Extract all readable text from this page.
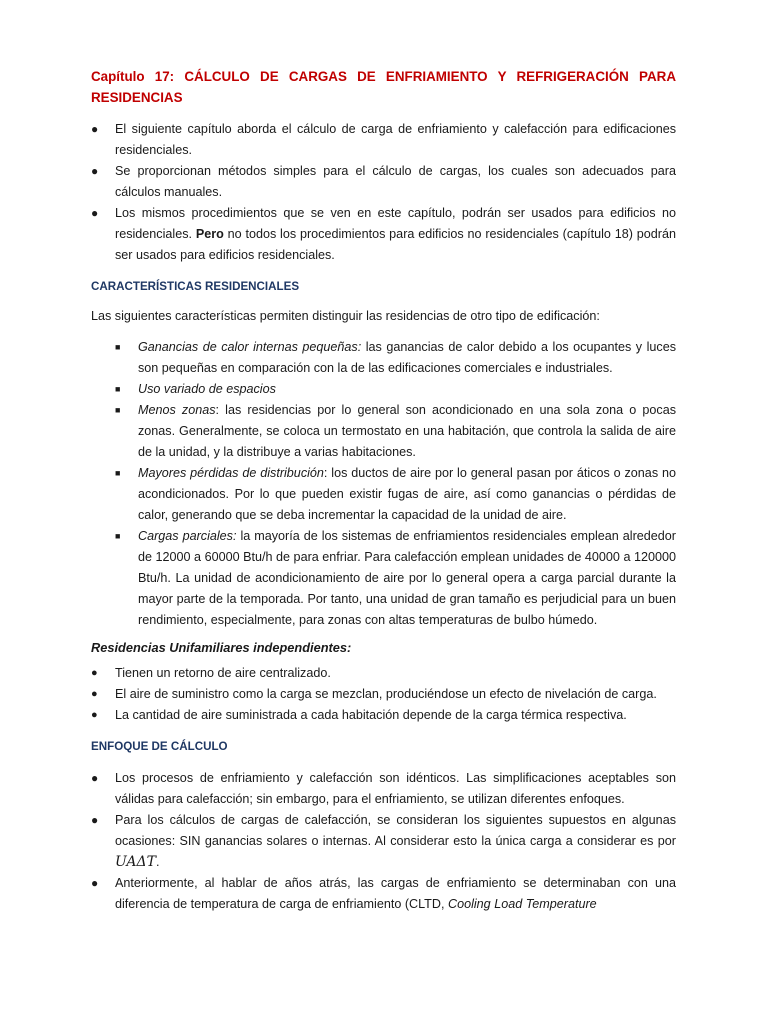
Capítulo 17: CÁLCULO DE CARGAS DE ENFRIAMIENTO Y REFRIGERACIÓN PARA
RESIDENCIAS
● El siguiente capítulo aborda el cálculo de carga de enfriamiento y calefacción para edificaciones residenciales.
● Se proporcionan métodos simples para el cálculo de cargas, los cuales son adecuados para cálculos manuales.
● Los mismos procedimientos que se ven en este capítulo, podrán ser usados para edificios no residenciales. Pero no todos los procedimientos para edificios no residenciales (capítulo 18) podrán ser usados para edificios residenciales.
CARACTERÍSTICAS RESIDENCIALES

Las siguientes características permiten distinguir las residencias de otro tipo de edificación:

■ Ganancias de calor internas pequeñas: las ganancias de calor debido a los ocupantes y luces son pequeñas en comparación con la de las edificaciones comerciales e industriales.
■ Uso variado de espacios
■ Menos zonas: las residencias por lo general son acondicionado en una sola zona o pocas zonas. Generalmente, se coloca un termostato en una habitación, que controla la salida de aire de la unidad, y la distribuye a varias habitaciones.
■ Mayores pérdidas de distribución: los ductos de aire por lo general pasan por áticos o zonas no acondicionados. Por lo que pueden existir fugas de aire, así como ganancias o pérdidas de calor, generando que se deba incrementar la capacidad de la unidad de aire.
■ Cargas parciales: la mayoría de los sistemas de enfriamientos residenciales emplean alrededor de 12000 a 60000 Btu/h de para enfriar. Para calefacción emplean unidades de 40000 a 120000 Btu/h. La unidad de acondicionamiento de aire por lo general opera a carga parcial durante la mayor parte de la temporada. Por tanto, una unidad de gran tamaño es perjudicial para un buen rendimiento, especialmente, para zonas con altas temperaturas de bulbo húmedo.
Residencias Unifamiliares independientes:
● Tienen un retorno de aire centralizado.
● El aire de suministro como la carga se mezclan, produciéndose un efecto de nivelación de carga.
● La cantidad de aire suministrada a cada habitación depende de la carga térmica respectiva.
ENFOQUE DE CÁLCULO
● Los procesos de enfriamiento y calefacción son idénticos. Las simplificaciones aceptables son válidas para calefacción; sin embargo, para el enfriamiento, se utilizan diferentes enfoques.
● Para los cálculos de cargas de calefacción, se consideran los siguientes supuestos en algunas ocasiones: SIN ganancias solares o internas. Al considerar esto la única carga a considerar es por UAΔT.
● Anteriormente, al hablar de años atrás, las cargas de enfriamiento se determinaban con una diferencia de temperatura de carga de enfriamiento (CLTD, Cooling Load Temperature
